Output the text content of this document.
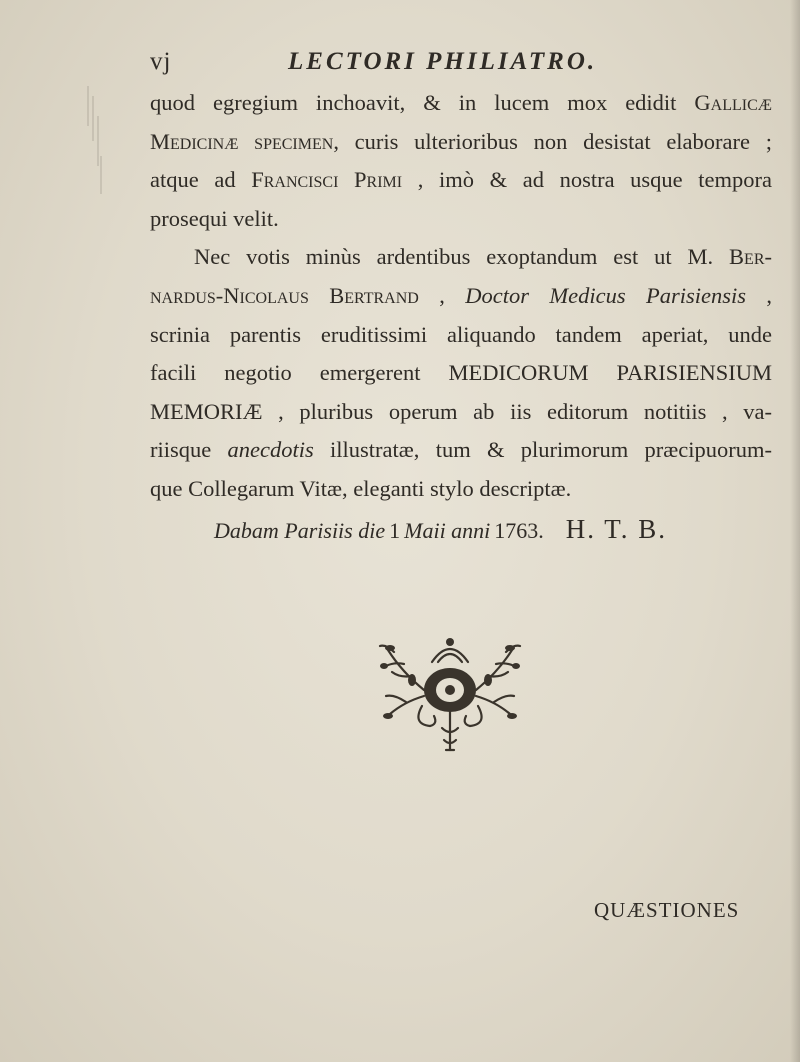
vj	LECTORI PHILIATRO.

quod egregium inchoavit, & in lucem mox edidit Gallicæ
Medicinæ specimen, curis ulterioribus non desistat elaborare ;
atque ad Francisci Primi , imò & ad nostra usque tempora
prosequi velit.

Nec votis minùs ardentibus exoptandum est ut M. Ber-
nardus-Nicolaus Bertrand , Doctor Medicus Parisiensis ,
scrinia parentis eruditissimi aliquando tandem aperiat, unde
facili negotio emergerent MEDICORUM PARISIENSIUM
MEMORIÆ , pluribus operum ab iis editorum notitiis , va-
riisque anecdotis illustratæ, tum & plurimorum præcipuorum-
que Collegarum Vitæ, eleganti stylo descriptæ.

Dabam Parisiis die 1 Maii anni 1763. H. T. B.
QUÆSTIONES
